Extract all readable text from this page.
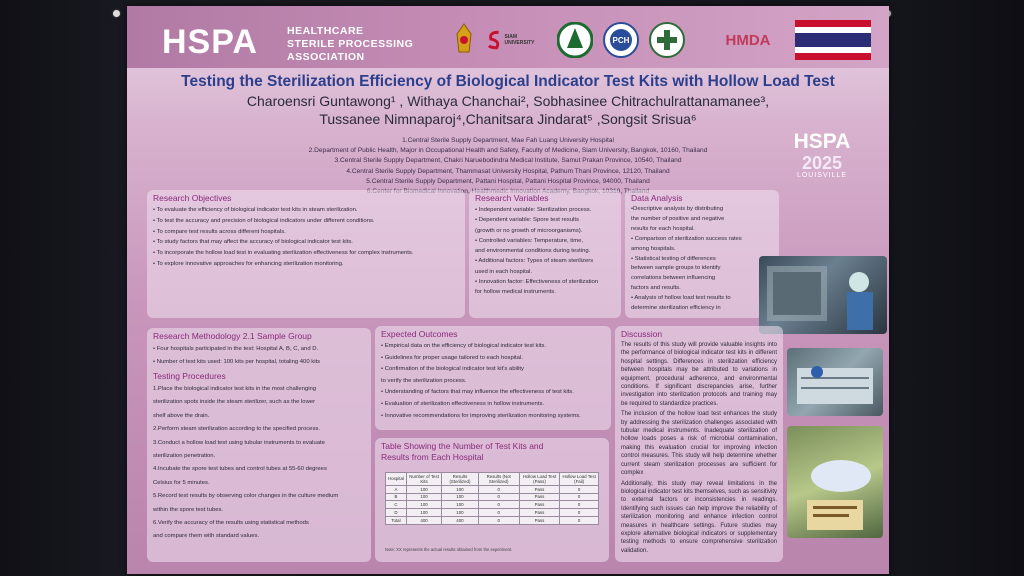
HSPA	HEALTHCARE
STERILE PROCESSING
ASSOCIATION
SIAM UNIVERSITY	PCH	HMDA
Testing the Sterilization Efficiency of Biological Indicator Test Kits with Hollow Load Test
Charoensri Guntawong¹ , Withaya Chanchai², Sobhasinee Chitrachulrattanamanee³,
Tussanee Nimnaparoj⁴,Chanitsara Jindarat⁵ ,Songsit Srisua⁶
1.Central Sterile Supply Department, Mae Fah Luang University Hospital
2.Department of Public Health, Major in Occupational Health and Safety, Faculty of Medicine, Siam University, Bangkok, 10160, Thailand
3.Central Sterile Supply Department, Chakri Naruebodindra Medical Institute, Samut Prakan Province, 10540, Thailand
4.Central Sterile Supply Department, Thammasat University Hospital, Pathum Thani Province, 12120, Thailand
5.Central Sterile Supply Department, Pattani Hospital, Pattani Hospital Province, 94000, Thailand
HSPA
2025
LOUISVILLE
Research Objectives
• To evaluate the efficiency of biological indicator test kits in steam sterilization.
• To test the accuracy and precision of biological indicators under different conditions.
• To compare test results across different hospitals.
• To study factors that may affect the accuracy of biological indicator test kits.
• To incorporate the hollow load test in evaluating sterilization effectiveness for complex instruments.
• To explore innovative approaches for enhancing sterilization monitoring.
Research Variables
• Independent variable: Sterilization process.
• Dependent variable: Spore test results
(growth or no growth of microorganisms).
• Controlled variables: Temperature, time,
and environmental conditions during testing.
• Additional factors: Types of steam sterilizers
used in each hospital.
• Innovation factor: Effectiveness of sterilization
for hollow medical instruments.
Data Analysis
•Descriptive analysis by distributing
the number of positive and negative
results for each hospital.
• Comparison of sterilization success rates
among hospitals.
• Statistical testing of differences
between sample groups to identify
correlations between influencing
factors and results.
• Analysis of hollow load test results to
determine sterilization efficiency in
Research Methodology 2.1 Sample Group
• Four hospitals participated in the test: Hospital A, B, C, and D.
• Number of test kits used: 100 kits per hospital, totaling 400 kits
Testing Procedures
1.Place the biological indicator test kits in the most challenging
sterilization spots inside the steam sterilizer, such as the lower
shelf above the drain.
2.Perform steam sterilization according to the specified process.
3.Conduct a hollow load test using tubular instruments to evaluate
sterilization penetration.
4.Incubate the spore test tubes and control tubes at 55-60 degrees
Celsius for 5 minutes.
5.Record test results by observing color changes in the culture medium
within the spore test tubes.
6.Verify the accuracy of the results using statistical methods
and compare them with standard values.
Expected Outcomes
• Empirical data on the efficiency of biological indicator test kits.
• Guidelines for proper usage tailored to each hospital.
• Confirmation of the biological indicator test kit's ability
to verify the sterilization process.
• Understanding of factors that may influence the effectiveness of test kits.
• Evaluation of sterilization effectiveness in hollow instruments.
• Innovative recommendations for improving sterilization monitoring systems.
Table Showing the Number of Test Kits and Results from Each Hospital
Hospital	Number of Test Kits	Results (Sterilized)	Results (Not Sterilized)	Hollow Load Test (Pass)	Hollow Load Test (Fail)
A	100	100	0	Pass	0
B	100	100	0	Pass	0
C	100	100	0	Pass	0
D	100	100	0	Pass	0
Total	400	400	0	Pass	0
Note: XX represents the actual results obtained from the experiment.
Discussion

The results of this study will provide valuable insights into the performance of biological indicator test kits in different hospital settings. Differences in sterilization efficiency between hospitals may be attributed to variations in equipment, procedural adherence, and environmental conditions. If significant discrepancies arise, further investigation into sterilization protocols and training may be required to standardize practices.

The inclusion of the hollow load test enhances the study by addressing the sterilization challenges associated with tubular medical instruments. Inadequate sterilization of hollow loads poses a risk of microbial contamination, making this evaluation crucial for improving infection control measures. This study will help determine whether current steam sterilization processes are sufficient for complex

Additionally, this study may reveal limitations in the biological indicator test kits themselves, such as sensitivity to external factors or inconsistencies in readings. Identifying such issues can help improve the reliability of sterilization monitoring and enhance infection control measures in healthcare settings. Future studies may explore alternative biological indicators or supplementary testing methods to ensure comprehensive sterilization validation.
